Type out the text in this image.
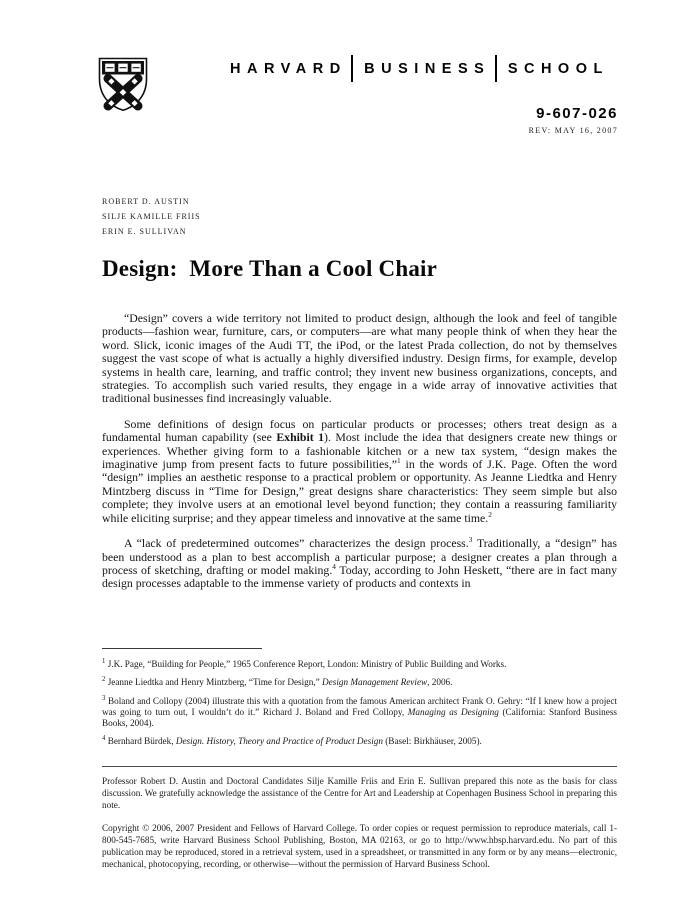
HARVARD BUSINESS SCHOOL
9-607-026
REV: MAY 16, 2007
ROBERT D. AUSTIN
SILJE KAMILLE FRIIS
ERIN E. SULLIVAN
Design:  More Than a Cool Chair

“Design” covers a wide territory not limited to product design, although the look and feel of tangible products—fashion wear, furniture, cars, or computers—are what many people think of when they hear the word. Slick, iconic images of the Audi TT, the iPod, or the latest Prada collection, do not by themselves suggest the vast scope of what is actually a highly diversified industry. Design firms, for example, develop systems in health care, learning, and traffic control; they invent new business organizations, concepts, and strategies. To accomplish such varied results, they engage in a wide array of innovative activities that traditional businesses find increasingly valuable.

Some definitions of design focus on particular products or processes; others treat design as a fundamental human capability (see Exhibit 1). Most include the idea that designers create new things or experiences. Whether giving form to a fashionable kitchen or a new tax system, “design makes the imaginative jump from present facts to future possibilities,”$^1$ in the words of J.K. Page. Often the word “design” implies an aesthetic response to a practical problem or opportunity. As Jeanne Liedtka and Henry Mintzberg discuss in “Time for Design,” great designs share characteristics: They seem simple but also complete; they involve users at an emotional level beyond function; they contain a reassuring familiarity while eliciting surprise; and they appear timeless and innovative at the same time.$^2$

A “lack of predetermined outcomes” characterizes the design process.$^3$ Traditionally, a “design” has been understood as a plan to best accomplish a particular purpose; a designer creates a plan through a process of sketching, drafting or model making.$^4$ Today, according to John Heskett, “there are in fact many design processes adaptable to the immense variety of products and contexts in

$^1$ J.K. Page, “Building for People,” 1965 Conference Report, London: Ministry of Public Building and Works.
$^2$ Jeanne Liedtka and Henry Mintzberg, “Time for Design,” Design Management Review, 2006.
$^3$ Boland and Collopy (2004) illustrate this with a quotation from the famous American architect Frank O. Gehry: “If I knew how a project was going to turn out, I wouldn’t do it.” Richard J. Boland and Fred Collopy, Managing as Designing (California: Stanford Business Books, 2004).
$^4$ Bernhard Bürdek, Design. History, Theory and Practice of Product Design (Basel: Birkhäuser, 2005).

Professor Robert D. Austin and Doctoral Candidates Silje Kamille Friis and Erin E. Sullivan prepared this note as the basis for class discussion. We gratefully acknowledge the assistance of the Centre for Art and Leadership at Copenhagen Business School in preparing this note.

Copyright © 2006, 2007 President and Fellows of Harvard College. To order copies or request permission to reproduce materials, call 1-800-545-7685, write Harvard Business School Publishing, Boston, MA 02163, or go to http://www.hbsp.harvard.edu. No part of this publication may be reproduced, stored in a retrieval system, used in a spreadsheet, or transmitted in any form or by any means—electronic, mechanical, photocopying, recording, or otherwise—without the permission of Harvard Business School.
